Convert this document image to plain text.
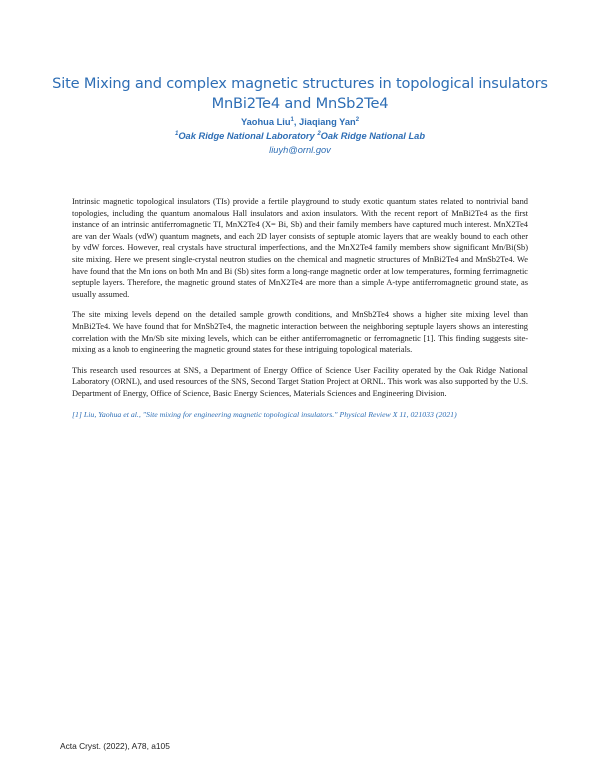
Site Mixing and complex magnetic structures in topological insulators
MnBi2Te4 and MnSb2Te4
Yaohua Liu$^1$, Jiaqiang Yan$^2$
$^1$Oak Ridge National Laboratory $^2$Oak Ridge National Lab
liuyh@ornl.gov

Intrinsic magnetic topological insulators (TIs) provide a fertile playground to study exotic quantum states related to nontrivial band topologies, including the quantum anomalous Hall insulators and axion insulators. With the recent report of MnBi2Te4 as the first instance of an intrinsic antiferromagnetic TI, MnX2Te4 (X= Bi, Sb) and their family members have captured much interest. MnX2Te4 are van der Waals (vdW) quantum magnets, and each 2D layer consists of septuple atomic layers that are weakly bound to each other by vdW forces. However, real crystals have structural imperfections, and the MnX2Te4 family members show significant Mn/Bi(Sb) site mixing. Here we present single-crystal neutron studies on the chemical and magnetic structures of MnBi2Te4 and MnSb2Te4. We have found that the Mn ions on both Mn and Bi (Sb) sites form a long-range magnetic order at low temperatures, forming ferrimagnetic septuple layers. Therefore, the magnetic ground states of MnX2Te4 are more than a simple A-type antiferromagnetic ground state, as usually assumed.

The site mixing levels depend on the detailed sample growth conditions, and MnSb2Te4 shows a higher site mixing level than MnBi2Te4. We have found that for MnSb2Te4, the magnetic interaction between the neighboring septuple layers shows an interesting correlation with the Mn/Sb site mixing levels, which can be either antiferromagnetic or ferromagnetic [1]. This finding suggests site-mixing as a knob to engineering the magnetic ground states for these intriguing topological materials.

This research used resources at SNS, a Department of Energy Office of Science User Facility operated by the Oak Ridge National Laboratory (ORNL), and used resources of the SNS, Second Target Station Project at ORNL. This work was also supported by the U.S. Department of Energy, Office of Science, Basic Energy Sciences, Materials Sciences and Engineering Division.

[1] Liu, Yaohua et al., "Site mixing for engineering magnetic topological insulators." Physical Review X 11, 021033 (2021)

Acta Cryst. (2022), A78, a105
